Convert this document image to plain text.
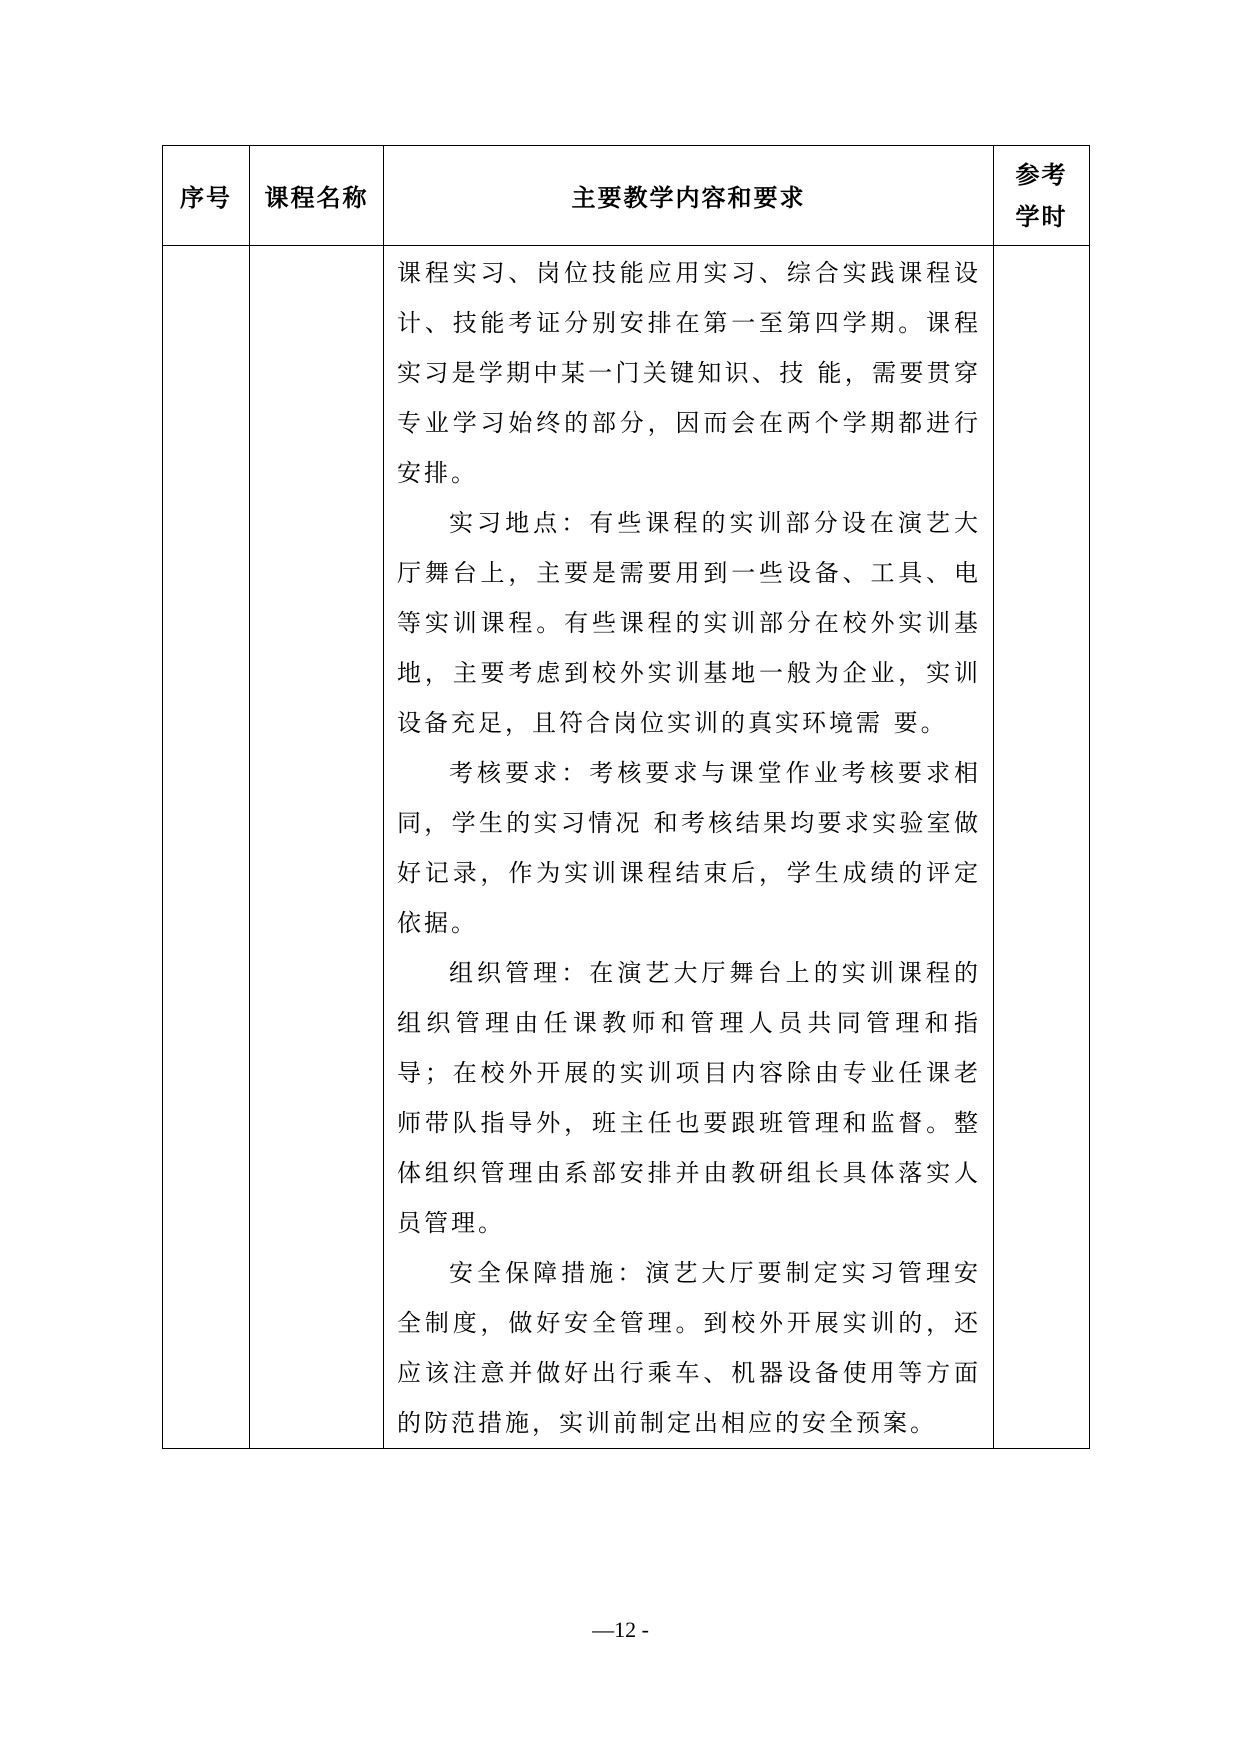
序号	课程名称	主要教学内容和要求	参考
学时

		课程实习、岗位技能应用实习、综合实践课程设计、技能考证分别安排在第一至第四学期。课程实习是学期中某一门关键知识、技 能，需要贯穿专业学习始终的部分，因而会在两个学期都进行安排。

实习地点：有些课程的实训部分设在演艺大厅舞台上，主要是需要用到一些设备、工具、电等实训课程。有些课程的实训部分在校外实训基地，主要考虑到校外实训基地一般为企业，实训设备充足，且符合岗位实训的真实环境需 要。

考核要求：考核要求与课堂作业考核要求相同，学生的实习情况 和考核结果均要求实验室做好记录，作为实训课程结束后，学生成绩的评定依据。

组织管理：在演艺大厅舞台上的实训课程的组织管理由任课教师和管理人员共同管理和指导；在校外开展的实训项目内容除由专业任课老师带队指导外，班主任也要跟班管理和监督。整体组织管理由系部安排并由教研组长具体落实人员管理。

安全保障措施：演艺大厅要制定实习管理安全制度，做好安全管理。到校外开展实训的，还应该注意并做好出行乘车、机器设备使用等方面的防范措施，实训前制定出相应的安全预案。	

—12 -
